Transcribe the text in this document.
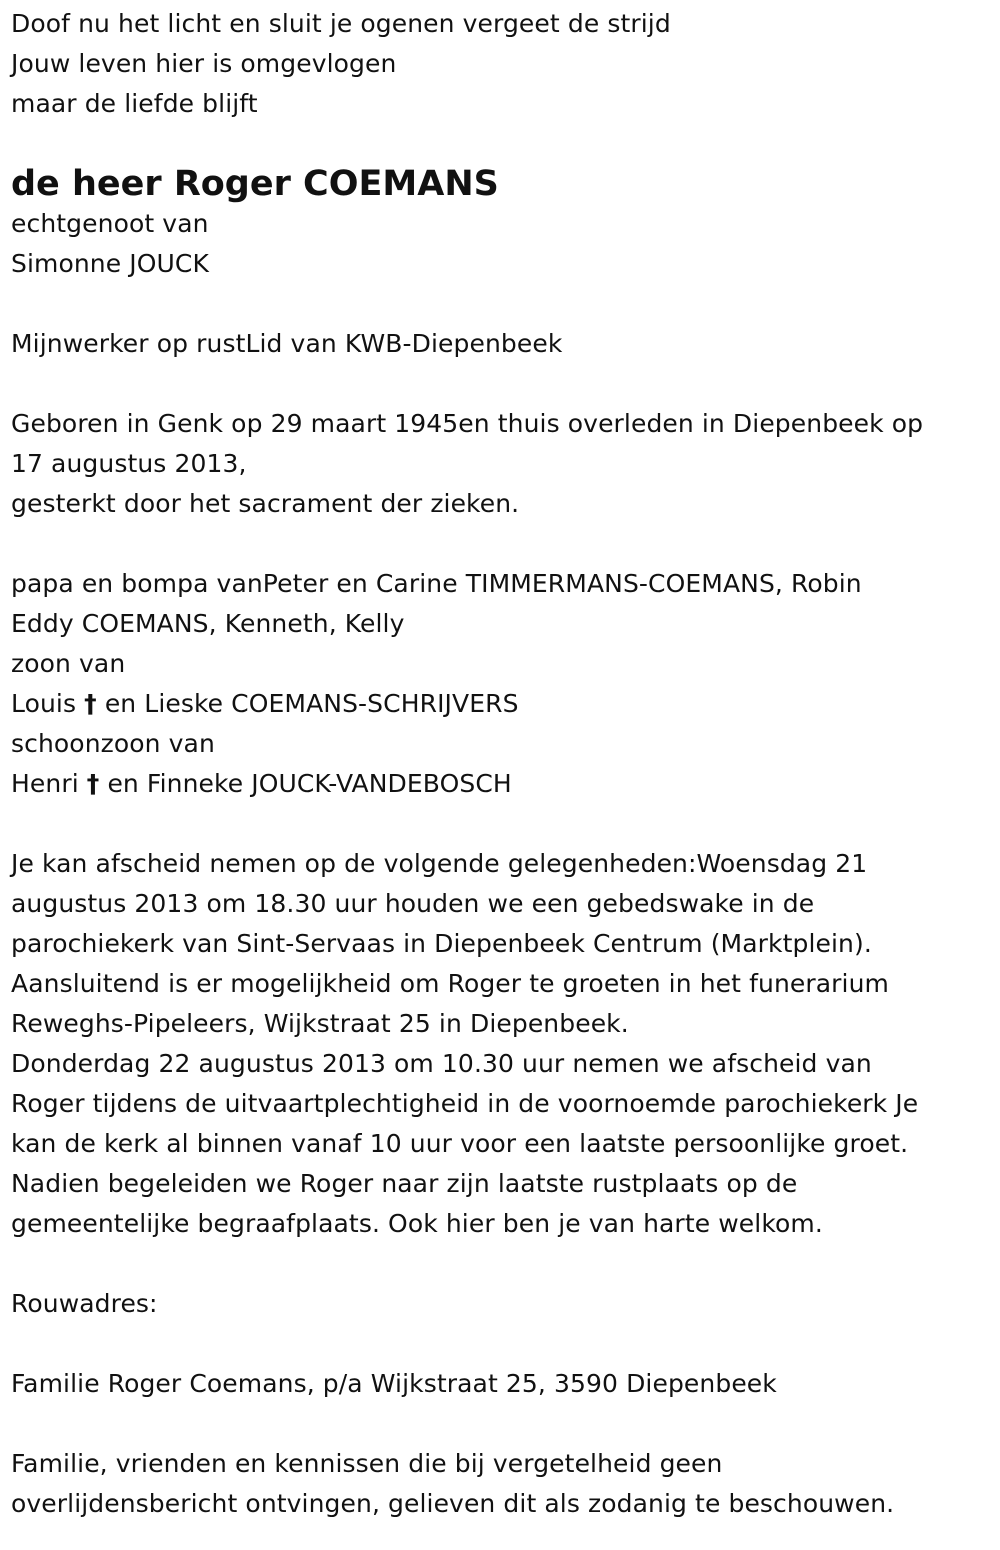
Doof nu het licht en sluit je ogenen vergeet de strijd
Jouw leven hier is omgevlogen
maar de liefde blijft
de heer Roger COEMANS
echtgenoot van
Simonne JOUCK
Mijnwerker op rustLid van KWB-Diepenbeek
Geboren in Genk op 29 maart 1945en thuis overleden in Diepenbeek op
17 augustus 2013,
gesterkt door het sacrament der zieken.
papa en bompa vanPeter en Carine TIMMERMANS-COEMANS, Robin
Eddy COEMANS, Kenneth, Kelly
zoon van
Louis † en Lieske COEMANS-SCHRIJVERS
schoonzoon van
Henri † en Finneke JOUCK-VANDEBOSCH
Je kan afscheid nemen op de volgende gelegenheden:Woensdag 21
augustus 2013 om 18.30 uur houden we een gebedswake in de
parochiekerk van Sint-Servaas in Diepenbeek Centrum (Marktplein).
Aansluitend is er mogelijkheid om Roger te groeten in het funerarium
Reweghs-Pipeleers, Wijkstraat 25 in Diepenbeek.
Donderdag 22 augustus 2013 om 10.30 uur nemen we afscheid van
Roger tijdens de uitvaartplechtigheid in de voornoemde parochiekerk Je
kan de kerk al binnen vanaf 10 uur voor een laatste persoonlijke groet.
Nadien begeleiden we Roger naar zijn laatste rustplaats op de
gemeentelijke begraafplaats. Ook hier ben je van harte welkom.
Rouwadres:
Familie Roger Coemans, p/a Wijkstraat 25, 3590 Diepenbeek
Familie, vrienden en kennissen die bij vergetelheid geen
overlijdensbericht ontvingen, gelieven dit als zodanig te beschouwen.
